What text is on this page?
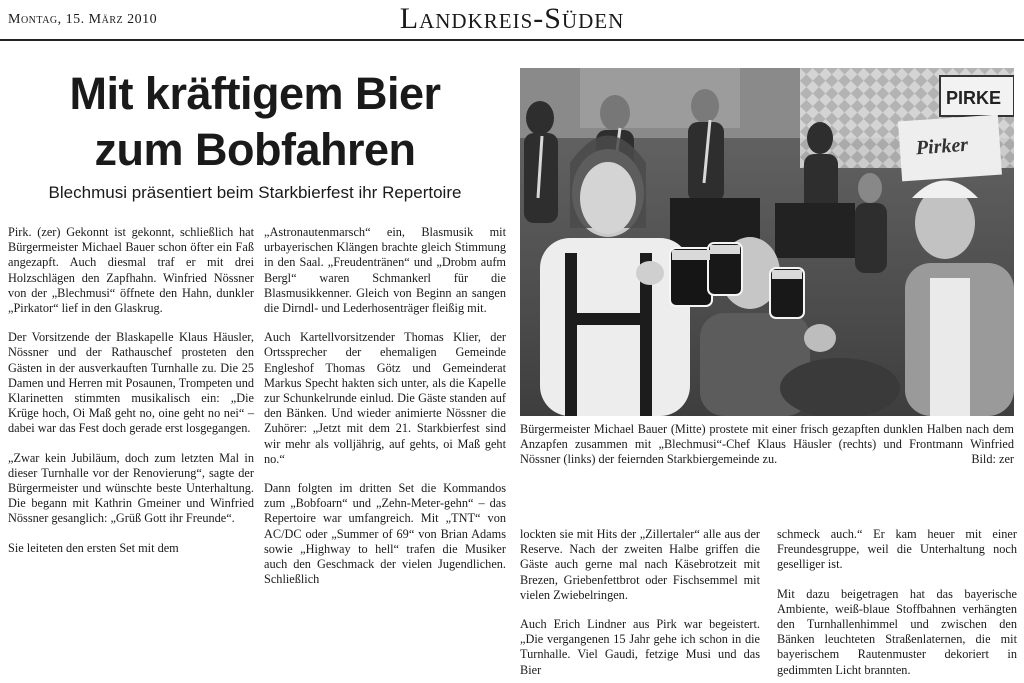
Montag, 15. März 2010	Landkreis-Süden
Mit kräftigem Bier
zum Bobfahren
Blechmusi präsentiert beim Starkbierfest ihr Repertoire

Pirk. (zer) Gekonnt ist gekonnt, schließlich hat Bürgermeister Michael Bauer schon öfter ein Faß angezapft. Auch diesmal traf er mit drei Holzschlägen den Zapfhahn. Winfried Nössner von der „Blechmusi“ öffnete den Hahn, dunkler „Pirkator“ lief in den Glaskrug.

Der Vorsitzende der Blaskapelle Klaus Häusler, Nössner und der Rathauschef prosteten den Gästen in der ausverkauften Turnhalle zu. Die 25 Damen und Herren mit Posaunen, Trompeten und Klarinetten stimmten musikalisch ein: „Die Krüge hoch, Oi Maß geht no, oine geht no nei“ – dabei war das Fest doch gerade erst losgegangen.

„Zwar kein Jubiläum, doch zum letzten Mal in dieser Turnhalle vor der Renovierung“, sagte der Bürgermeister und wünschte beste Unterhaltung. Die begann mit Kathrin Gmeiner und Winfried Nössner gesanglich: „Grüß Gott ihr Freunde“.

Sie leiteten den ersten Set mit dem

„Astronautenmarsch“ ein, Blasmusik mit urbayerischen Klängen brachte gleich Stimmung in den Saal. „Freudentränen“ und „Drobm aufm Bergl“ waren Schmankerl für die Blasmusikkenner. Gleich von Beginn an sangen die Dirndl- und Lederhosenträger fleißig mit.

Auch Kartellvorsitzender Thomas Klier, der Ortssprecher der ehemaligen Gemeinde Engleshof Thomas Götz und Gemeinderat Markus Specht hakten sich unter, als die Kapelle zur Schunkelrunde einlud. Die Gäste standen auf den Bänken. Und wieder animierte Nössner die Zuhörer: „Jetzt mit dem 21. Starkbierfest sind wir mehr als volljährig, auf gehts, oi Maß geht no.“

Dann folgten im dritten Set die Kommandos zum „Bobfoarn“ und „Zehn-Meter-gehn“ – das Repertoire war umfangreich. Mit „TNT“ von AC/DC oder „Summer of 69“ von Brian Adams sowie „Highway to hell“ trafen die Musiker auch den Geschmack der vielen Jugendlichen. Schließlich

PIRKE
Pirker
Bürgermeister Michael Bauer (Mitte) prostete mit einer frisch gezapften dunklen Halben nach dem Anzapfen zusammen mit „Blechmusi“-Chef Klaus Häusler (rechts) und Frontmann Winfried Nössner (links) der feiernden Starkbiergemeinde zu.	Bild: zer

lockten sie mit Hits der „Zillertaler“ alle aus der Reserve. Nach der zweiten Halbe griffen die Gäste auch gerne mal nach Käsebrotzeit mit Brezen, Griebenfettbrot oder Fischsemmel mit vielen Zwiebelringen.

Auch Erich Lindner aus Pirk war begeistert. „Die vergangenen 15 Jahr gehe ich schon in die Turnhalle. Viel Gaudi, fetzige Musi und das Bier

schmeck auch.“ Er kam heuer mit einer Freundesgruppe, weil die Unterhaltung noch geselliger ist.

Mit dazu beigetragen hat das bayerische Ambiente, weiß-blaue Stoffbahnen verhängten den Turnhallenhimmel und zwischen den Bänken leuchteten Straßenlaternen, die mit bayerischem Rautenmuster dekoriert in gedimmten Licht brannten.
